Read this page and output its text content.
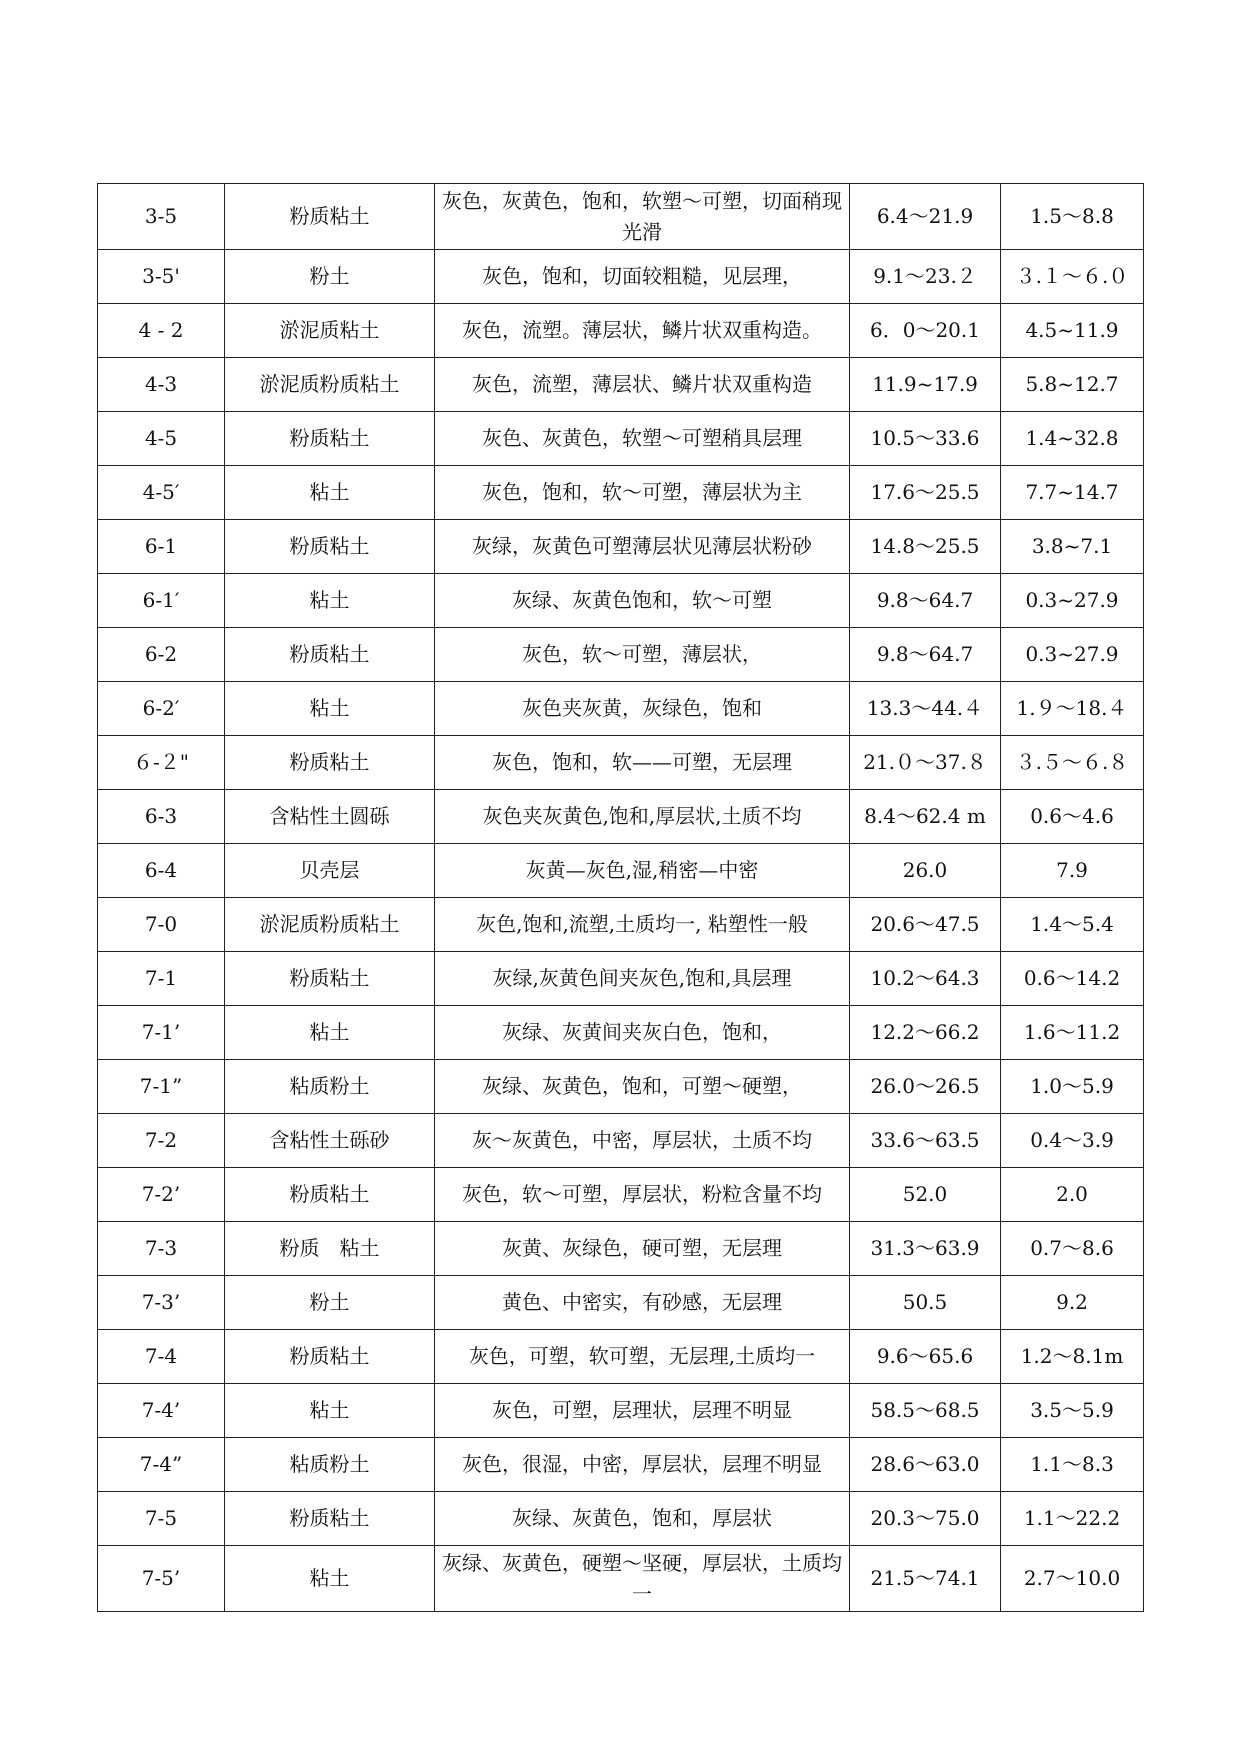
3-5	粉质粘土	灰色，灰黄色，饱和，软塑～可塑，切面稍现光滑	6.4～21.9	1.5～8.8
3-5'	粉土	灰色，饱和，切面较粗糙，见层理，	9.1～23.２	３.１～６.０
4 - 2	淤泥质粘土	灰色，流塑。薄层状，鳞片状双重构造。	6．0～20.1	4.5~11.9
4-3	淤泥质粉质粘土	灰色，流塑，薄层状、鳞片状双重构造	11.9~17.9	5.8~12.7
4-5	粉质粘土	灰色、灰黄色，软塑～可塑稍具层理	10.5～33.6	1.4~32.8
4-5′	粘土	灰色，饱和，软～可塑，薄层状为主	17.6～25.5	7.7~14.7
6-1	粉质粘土	灰绿，灰黄色可塑薄层状见薄层状粉砂	14.8～25.5	3.8~7.1
6-1′	粘土	灰绿、灰黄色饱和，软～可塑	9.8～64.7	0.3~27.9
6-2	粉质粘土	灰色，软～可塑，薄层状，	9.8～64.7	0.3~27.9
6-2′	粘土	灰色夹灰黄，灰绿色，饱和	13.3～44.４	1.９～18.４
６-２"	粉质粘土	灰色，饱和，软——可塑，无层理	21.０～37.８	３.５～６.８
6-3	含粘性土圆砾	灰色夹灰黄色,饱和,厚层状,土质不均	8.4～62.4 m	0.6～4.6
6-4	贝壳层	灰黄—灰色,湿,稍密—中密	26.0	7.9
7-0	淤泥质粉质粘土	灰色,饱和,流塑,土质均一, 粘塑性一般	20.6～47.5	1.4～5.4
7-1	粉质粘土	灰绿,灰黄色间夹灰色,饱和,具层理	10.2～64.3	0.6～14.2
7-1’	粘土	灰绿、灰黄间夹灰白色，饱和，	12.2～66.2	1.6～11.2
7-1”	粘质粉土	灰绿、灰黄色，饱和，可塑～硬塑，	26.0～26.5	1.0～5.9
7-2	含粘性土砾砂	灰～灰黄色，中密，厚层状，土质不均	33.6～63.5	0.4～3.9
7-2’	粉质粘土	灰色，软～可塑，厚层状，粉粒含量不均	52.0	2.0
7-3	粉质　粘土	灰黄、灰绿色，硬可塑，无层理	31.3～63.9	0.7～8.6
7-3’	粉土	黄色、中密实，有砂感，无层理	50.5	9.2
7-4	粉质粘土	灰色，可塑，软可塑，无层理,土质均一	9.6～65.6	1.2～8.1m
7-4’	粘土	灰色，可塑，层理状，层理不明显	58.5～68.5	3.5～5.9
7-4”	粘质粉土	灰色，很湿，中密，厚层状，层理不明显	28.6～63.0	1.1～8.3
7-5	粉质粘土	灰绿、灰黄色，饱和，厚层状	20.3～75.0	1.1～22.2
7-5’	粘土	灰绿、灰黄色，硬塑～坚硬，厚层状，土质均一	21.5～74.1	2.7～10.0
